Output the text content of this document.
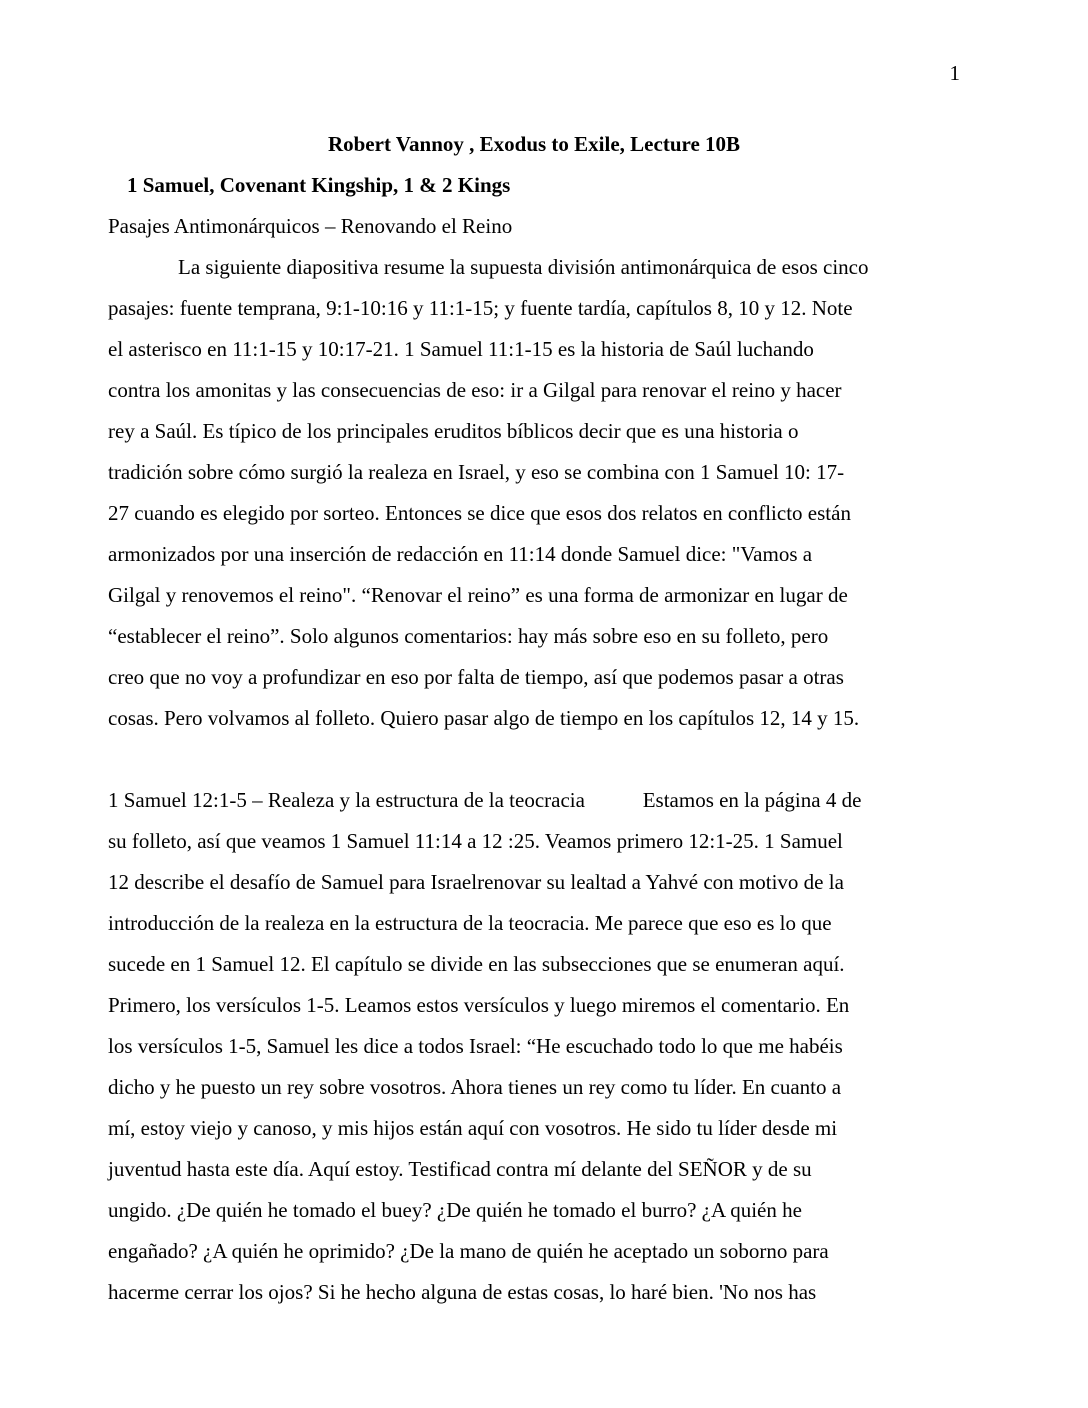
1
Robert Vannoy , Exodus to Exile, Lecture 10B
1 Samuel, Covenant Kingship, 1 & 2 Kings
Pasajes Antimonárquicos – Renovando el Reino
La siguiente diapositiva resume la supuesta división antimonárquica de esos cinco
pasajes: fuente temprana, 9:1-10:16 y 11:1-15; y fuente tardía, capítulos 8, 10 y 12. Note
el asterisco en 11:1-15 y 10:17-21. 1 Samuel 11:1-15 es la historia de Saúl luchando
contra los amonitas y las consecuencias de eso: ir a Gilgal para renovar el reino y hacer
rey a Saúl. Es típico de los principales eruditos bíblicos decir que es una historia o
tradición sobre cómo surgió la realeza en Israel, y eso se combina con 1 Samuel 10: 17-
27 cuando es elegido por sorteo. Entonces se dice que esos dos relatos en conflicto están
armonizados por una inserción de redacción en 11:14 donde Samuel dice: "Vamos a
Gilgal y renovemos el reino". “Renovar el reino” es una forma de armonizar en lugar de
“establecer el reino”. Solo algunos comentarios: hay más sobre eso en su folleto, pero
creo que no voy a profundizar en eso por falta de tiempo, así que podemos pasar a otras
cosas. Pero volvamos al folleto. Quiero pasar algo de tiempo en los capítulos 12, 14 y 15.
1 Samuel 12:1-5 – Realeza y la estructura de la teocracia           Estamos en la página 4 de
su folleto, así que veamos 1 Samuel 11:14 a 12 :25. Veamos primero 12:1-25. 1 Samuel
12 describe el desafío de Samuel para Israelrenovar su lealtad a Yahvé con motivo de la
introducción de la realeza en la estructura de la teocracia. Me parece que eso es lo que
sucede en 1 Samuel 12. El capítulo se divide en las subsecciones que se enumeran aquí.
Primero, los versículos 1-5. Leamos estos versículos y luego miremos el comentario. En
los versículos 1-5, Samuel les dice a todos Israel: “He escuchado todo lo que me habéis
dicho y he puesto un rey sobre vosotros. Ahora tienes un rey como tu líder. En cuanto a
mí, estoy viejo y canoso, y mis hijos están aquí con vosotros. He sido tu líder desde mi
juventud hasta este día. Aquí estoy. Testificad contra mí delante del SEÑOR y de su
ungido. ¿De quién he tomado el buey? ¿De quién he tomado el burro? ¿A quién he
engañado? ¿A quién he oprimido? ¿De la mano de quién he aceptado un soborno para
hacerme cerrar los ojos? Si he hecho alguna de estas cosas, lo haré bien. 'No nos has
